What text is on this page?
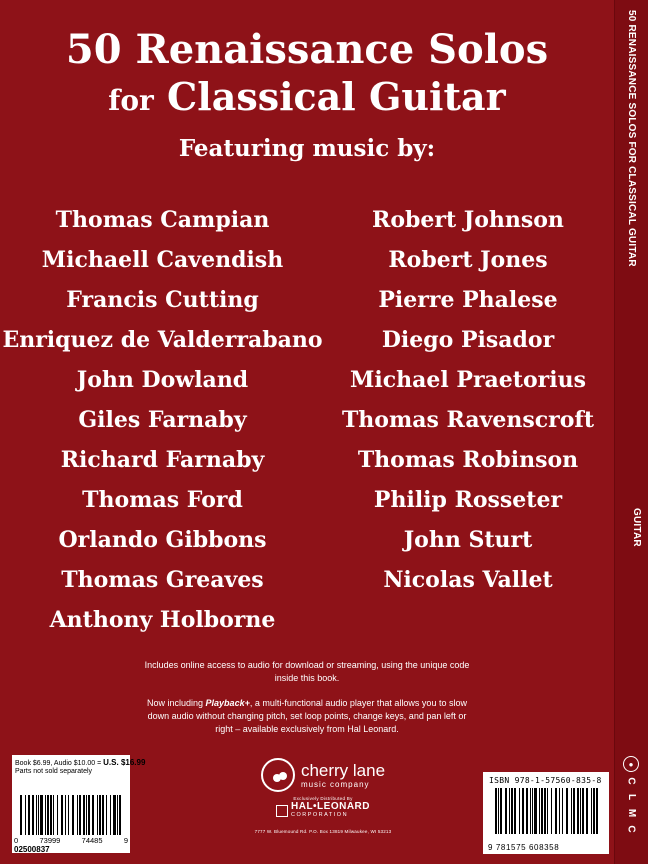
50 Renaissance Solos
for Classical Guitar
Featuring music by:
Thomas Campian
Michaell Cavendish
Francis Cutting
Enriquez de Valderrabano
John Dowland
Giles Farnaby
Richard Farnaby
Thomas Ford
Orlando Gibbons
Thomas Greaves
Anthony Holborne
Robert Johnson
Robert Jones
Pierre Phalese
Diego Pisador
Michael Praetorius
Thomas Ravenscroft
Thomas Robinson
Philip Rosseter
John Sturt
Nicolas Vallet
Includes online access to audio for download or streaming, using the unique code inside this book.
Now including Playback+, a multi-functional audio player that allows you to slow down audio without changing pitch, set loop points, change keys, and pan left or right – available exclusively from Hal Leonard.
Book $6.99, Audio $10.00 = U.S. $16.99
Parts not sold separately
0	73999	74485	9
02500837
cherry lane
music company
Exclusively Distributed By
HAL•LEONARD
CORPORATION
7777 W. Bluemound Rd. P.O. Box 13819 Milwaukee, WI 53213
ISBN 978-1-57560-835-8
9 781575 608358
50 RENAISSANCE SOLOS FOR CLASSICAL GUITAR
GUITAR
●
C
L
M
C
